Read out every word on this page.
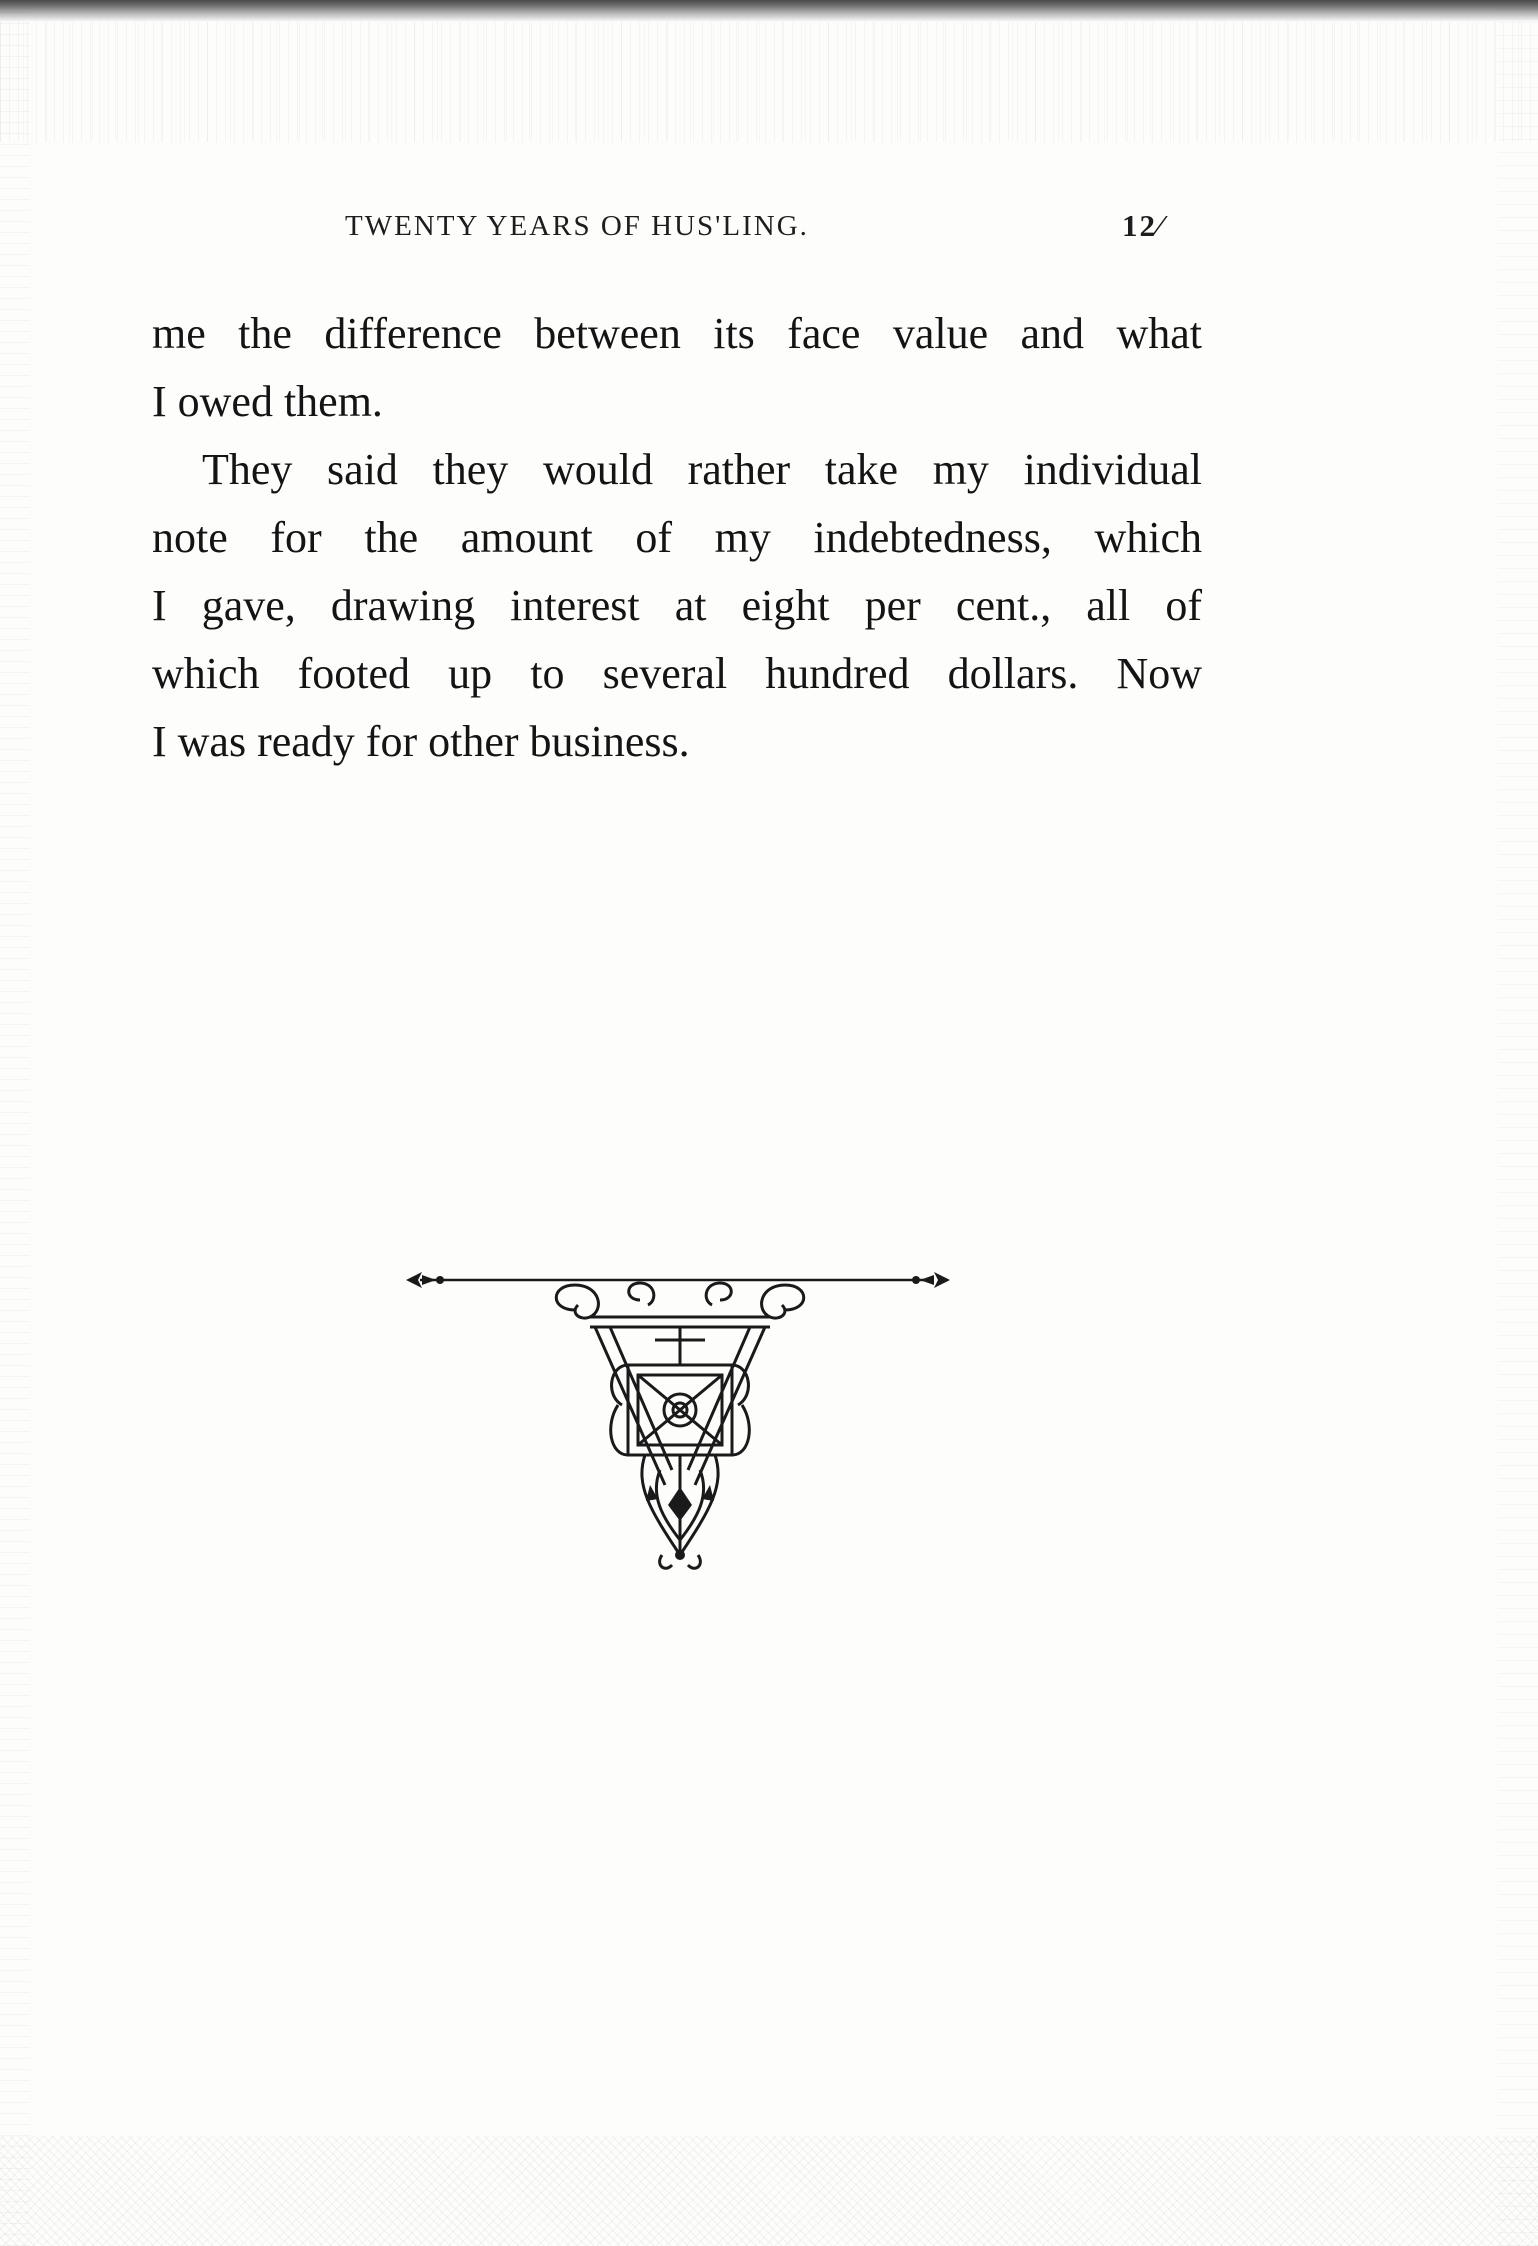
TWENTY YEARS OF HUS'LING.	12⁄
me the difference between its face value and what
I owed them.
They said they would rather take my individual
note for the amount of my indebtedness, which
I gave, drawing interest at eight per cent., all of
which footed up to several hundred dollars. Now
I was ready for other business.
